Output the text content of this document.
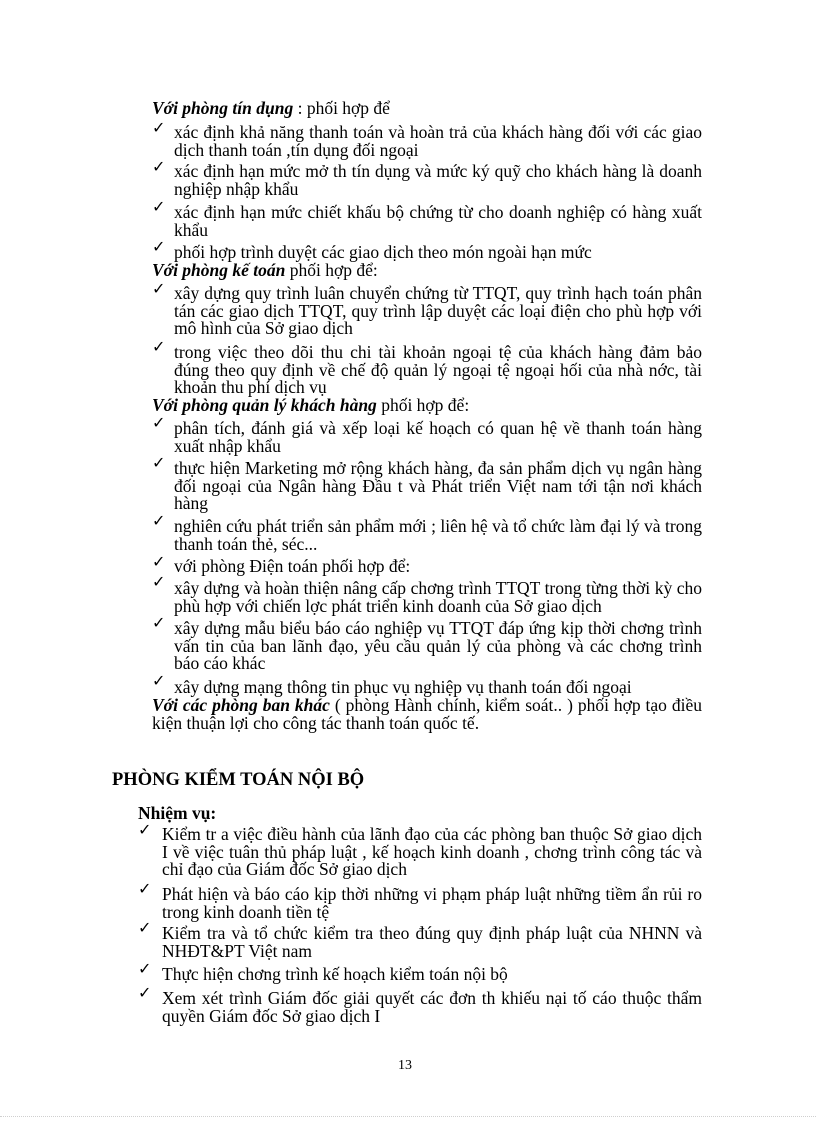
Với phòng tín dụng : phối hợp để
✓ xác định khả năng thanh toán và hoàn trả của khách hàng đối với các giao dịch thanh toán ,tín dụng đối ngoại
✓ xác định hạn mức mở th tín dụng và mức ký quỹ cho khách hàng là doanh nghiệp nhập khẩu
✓ xác định hạn mức chiết khấu bộ chứng từ cho doanh nghiệp có hàng xuất khẩu
✓ phối hợp trình duyệt các giao dịch theo món ngoài hạn mức
Với phòng kế toán phối hợp để:
✓ xây dựng quy trình luân chuyển chứng từ TTQT, quy trình hạch toán phân tán các giao dịch TTQT, quy trình lập duyệt các loại điện cho phù hợp với mô hình của Sở giao dịch
✓ trong việc theo dõi thu chi tài khoản ngoại tệ của khách hàng đảm bảo đúng theo quy định về chế độ quản lý ngoại tệ ngoại hối của nhà nớc, tài khoản thu phí dịch vụ
Với phòng quản lý khách hàng phối hợp để:
✓ phân tích, đánh giá và xếp loại kế hoạch có quan hệ về thanh toán hàng xuất nhập khẩu
✓ thực hiện Marketing mở rộng khách hàng, đa sản phẩm dịch vụ ngân hàng đối ngoại của Ngân hàng Đầu t và Phát triển Việt nam tới tận nơi khách hàng
✓ nghiên cứu phát triển sản phẩm mới ; liên hệ và tổ chức làm đại lý và trong thanh toán thẻ, séc...
✓ với phòng Điện toán phối hợp để:
✓ xây dựng và hoàn thiện nâng cấp chơng trình TTQT trong từng thời kỳ cho phù hợp với chiến lợc phát triển kinh doanh của Sở giao dịch
✓ xây dựng mẫu biểu báo cáo nghiệp vụ TTQT đáp ứng kịp thời chơng trình vấn tin của ban lãnh đạo, yêu cầu quản lý của phòng và các chơng trình báo cáo khác
✓ xây dựng mạng thông tin phục vụ nghiệp vụ thanh toán đối ngoại
Với các phòng ban khác ( phòng Hành chính, kiểm soát.. ) phối hợp tạo điều kiện thuận lợi cho công tác thanh toán quốc tế.
PHÒNG KIỂM TOÁN NỘI BỘ
Nhiệm vụ:
✓ Kiểm tr a việc điều hành của lãnh đạo của các phòng ban thuộc Sở giao dịch I về việc tuân thủ pháp luật , kế hoạch kinh doanh , chơng trình công tác và chỉ đạo của Giám đốc Sở giao dịch
✓ Phát hiện và báo cáo kịp thời những vi phạm pháp luật những tiềm ẩn rủi ro trong kinh doanh tiền tệ
✓ Kiểm tra và tổ chức kiểm tra theo đúng quy định pháp luật của NHNN và NHĐT&PT Việt nam
✓ Thực hiện chơng trình kế hoạch kiểm toán nội bộ
✓ Xem xét trình Giám đốc giải quyết các đơn th khiếu nại tố cáo thuộc thẩm quyền Giám đốc Sở giao dịch I
13
